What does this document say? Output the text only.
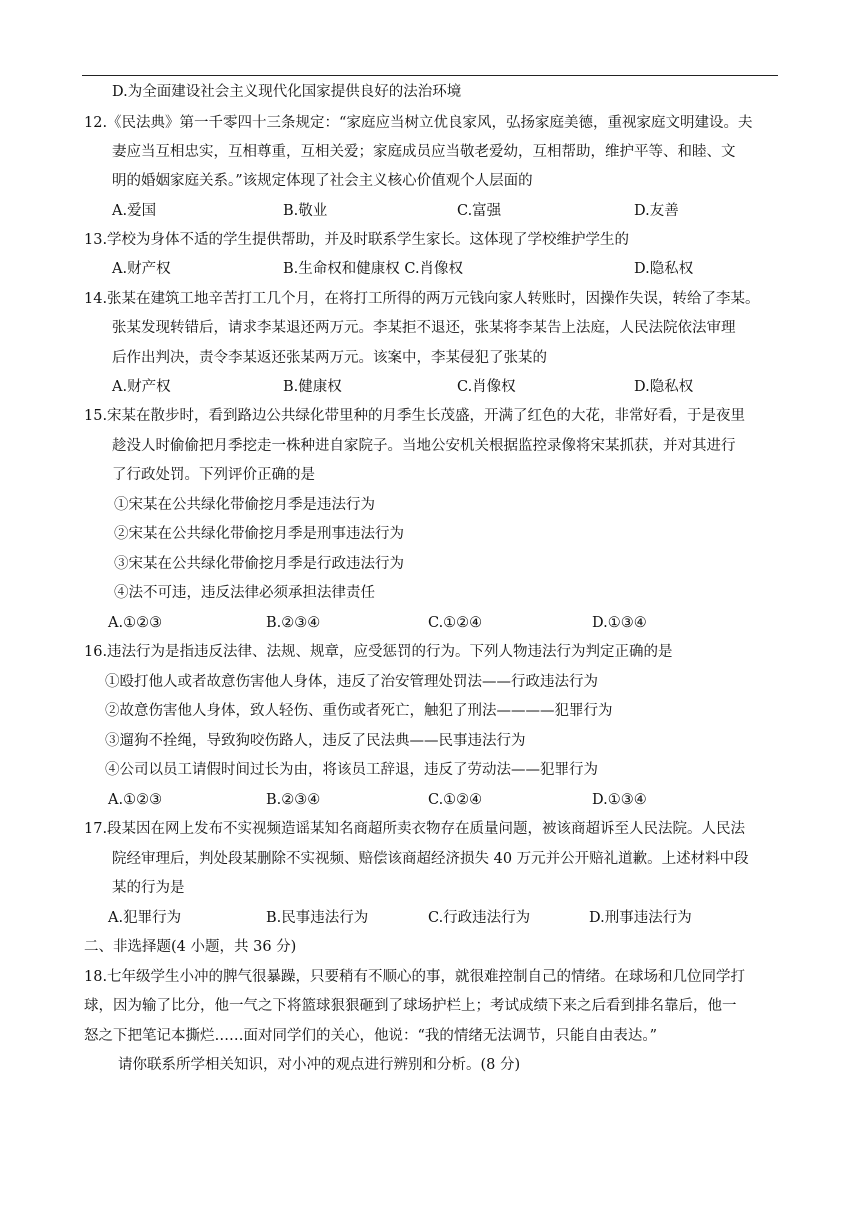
D.为全面建设社会主义现代化国家提供良好的法治环境
12.《民法典》第一千零四十三条规定：“家庭应当树立优良家风，弘扬家庭美德，重视家庭文明建设。夫
妻应当互相忠实，互相尊重，互相关爱；家庭成员应当敬老爱幼，互相帮助，维护平等、和睦、文
明的婚姻家庭关系。”该规定体现了社会主义核心价值观个人层面的
A.爱国	B.敬业	C.富强	D.友善
13.学校为身体不适的学生提供帮助，并及时联系学生家长。这体现了学校维护学生的
A.财产权	B.生命权和健康权 C.肖像权	D.隐私权
14.张某在建筑工地辛苦打工几个月，在将打工所得的两万元钱向家人转账时，因操作失误，转给了李某。
张某发现转错后，请求李某退还两万元。李某拒不退还，张某将李某告上法庭，人民法院依法审理
后作出判决，责令李某返还张某两万元。该案中，李某侵犯了张某的
A.财产权	B.健康权	C.肖像权	D.隐私权
15.宋某在散步时，看到路边公共绿化带里种的月季生长茂盛，开满了红色的大花，非常好看，于是夜里
趁没人时偷偷把月季挖走一株种进自家院子。当地公安机关根据监控录像将宋某抓获，并对其进行
了行政处罚。下列评价正确的是
①宋某在公共绿化带偷挖月季是违法行为
②宋某在公共绿化带偷挖月季是刑事违法行为
③宋某在公共绿化带偷挖月季是行政违法行为
④法不可违，违反法律必须承担法律责任
A.①②③	B.②③④	C.①②④	D.①③④
16.违法行为是指违反法律、法规、规章，应受惩罚的行为。下列人物违法行为判定正确的是
①殴打他人或者故意伤害他人身体，违反了治安管理处罚法——行政违法行为
②故意伤害他人身体，致人轻伤、重伤或者死亡，触犯了刑法————犯罪行为
③遛狗不拴绳，导致狗咬伤路人，违反了民法典——民事违法行为
④公司以员工请假时间过长为由，将该员工辞退，违反了劳动法——犯罪行为
A.①②③	B.②③④	C.①②④	D.①③④
17.段某因在网上发布不实视频造谣某知名商超所卖衣物存在质量问题，被该商超诉至人民法院。人民法
院经审理后，判处段某删除不实视频、赔偿该商超经济损失 40 万元并公开赔礼道歉。上述材料中段
某的行为是
A.犯罪行为	B.民事违法行为	C.行政违法行为	D.刑事违法行为
二、非选择题(4 小题，共 36 分)
18.七年级学生小冲的脾气很暴躁，只要稍有不顺心的事，就很难控制自己的情绪。在球场和几位同学打
球，因为输了比分，他一气之下将篮球狠狠砸到了球场护栏上；考试成绩下来之后看到排名靠后，他一
怒之下把笔记本撕烂……面对同学们的关心，他说：“我的情绪无法调节，只能自由表达。”
请你联系所学相关知识，对小冲的观点进行辨别和分析。(8 分)
